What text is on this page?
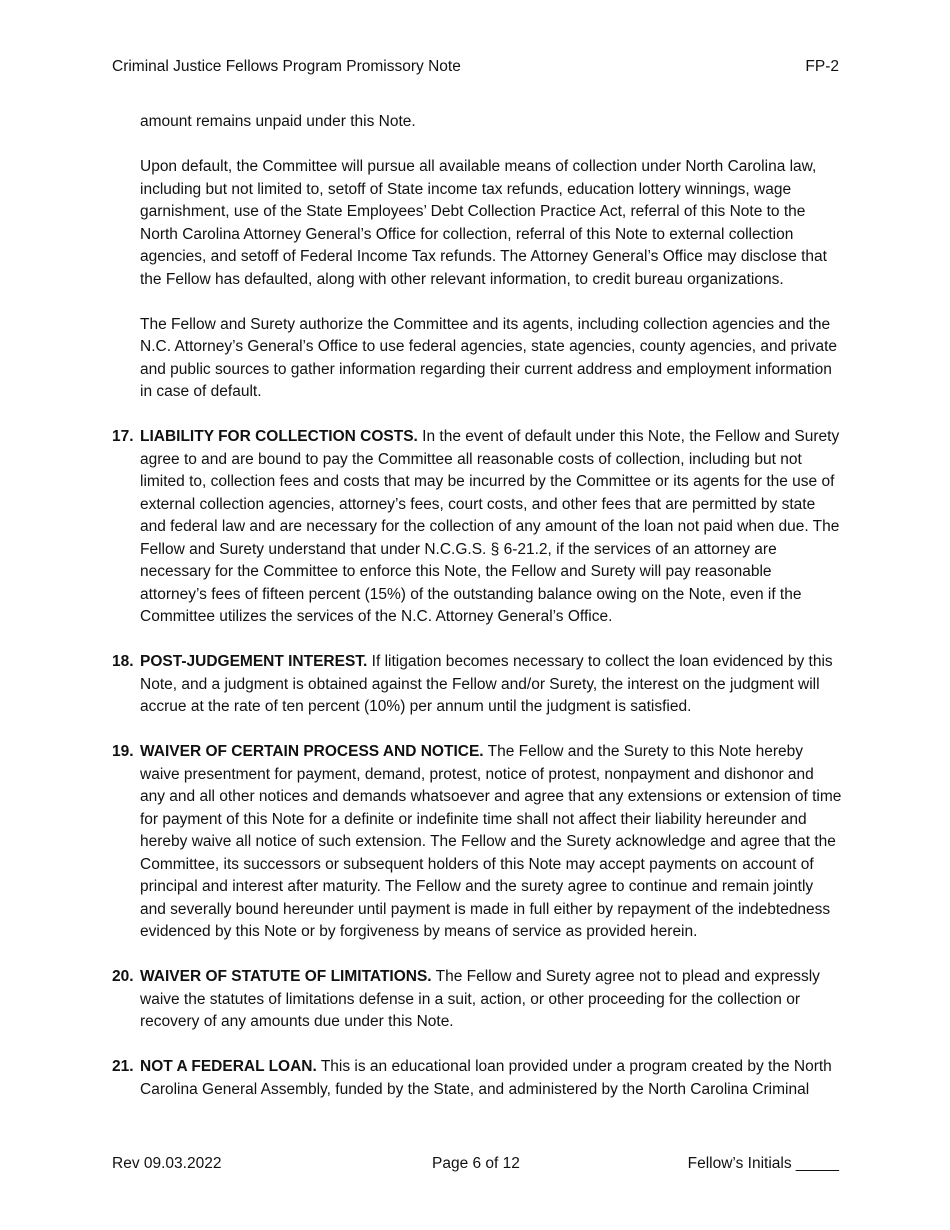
Criminal Justice Fellows Program Promissory Note	FP-2

amount remains unpaid under this Note.

Upon default, the Committee will pursue all available means of collection under North Carolina law, including but not limited to, setoff of State income tax refunds, education lottery winnings, wage garnishment, use of the State Employees’ Debt Collection Practice Act, referral of this Note to the North Carolina Attorney General’s Office for collection, referral of this Note to external collection agencies, and setoff of Federal Income Tax refunds. The Attorney General’s Office may disclose that the Fellow has defaulted, along with other relevant information, to credit bureau organizations.

The Fellow and Surety authorize the Committee and its agents, including collection agencies and the N.C. Attorney’s General’s Office to use federal agencies, state agencies, county agencies, and private and public sources to gather information regarding their current address and employment information in case of default.

17. LIABILITY FOR COLLECTION COSTS. In the event of default under this Note, the Fellow and Surety agree to and are bound to pay the Committee all reasonable costs of collection, including but not limited to, collection fees and costs that may be incurred by the Committee or its agents for the use of external collection agencies, attorney’s fees, court costs, and other fees that are permitted by state and federal law and are necessary for the collection of any amount of the loan not paid when due. The Fellow and Surety understand that under N.C.G.S. § 6-21.2, if the services of an attorney are necessary for the Committee to enforce this Note, the Fellow and Surety will pay reasonable attorney’s fees of fifteen percent (15%) of the outstanding balance owing on the Note, even if the Committee utilizes the services of the N.C. Attorney General’s Office.
18. POST-JUDGEMENT INTEREST. If litigation becomes necessary to collect the loan evidenced by this Note, and a judgment is obtained against the Fellow and/or Surety, the interest on the judgment will accrue at the rate of ten percent (10%) per annum until the judgment is satisfied.
19. WAIVER OF CERTAIN PROCESS AND NOTICE. The Fellow and the Surety to this Note hereby waive presentment for payment, demand, protest, notice of protest, nonpayment and dishonor and any and all other notices and demands whatsoever and agree that any extensions or extension of time for payment of this Note for a definite or indefinite time shall not affect their liability hereunder and hereby waive all notice of such extension. The Fellow and the Surety acknowledge and agree that the Committee, its successors or subsequent holders of this Note may accept payments on account of principal and interest after maturity. The Fellow and the surety agree to continue and remain jointly and severally bound hereunder until payment is made in full either by repayment of the indebtedness evidenced by this Note or by forgiveness by means of service as provided herein.
20. WAIVER OF STATUTE OF LIMITATIONS. The Fellow and Surety agree not to plead and expressly waive the statutes of limitations defense in a suit, action, or other proceeding for the collection or recovery of any amounts due under this Note.
21. NOT A FEDERAL LOAN. This is an educational loan provided under a program created by the North Carolina General Assembly, funded by the State, and administered by the North Carolina Criminal
Rev 09.03.2022	Page 6 of 12	Fellow’s Initials _____
